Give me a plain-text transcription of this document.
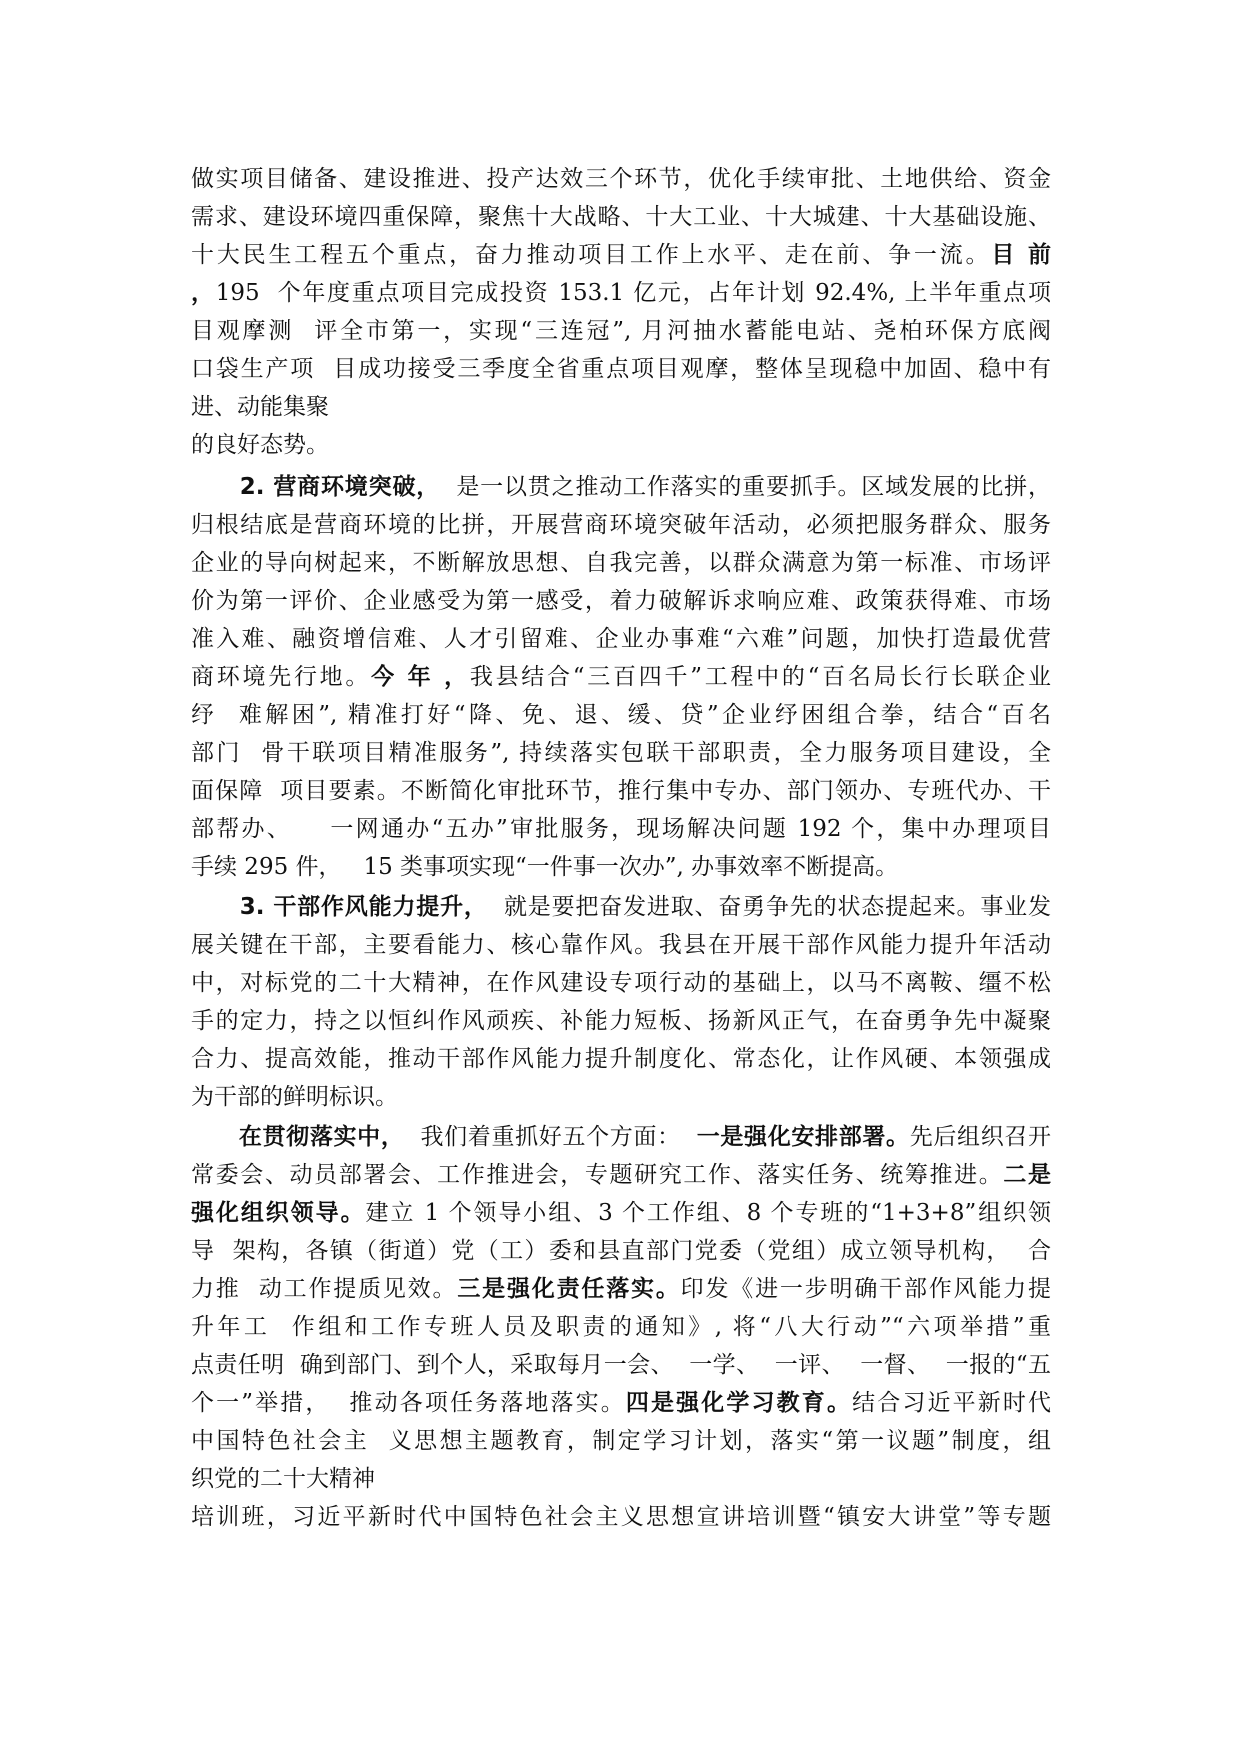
做实项目储备、建设推进、投产达效三个环节，优化手续审批、土地供给、资金
需求、建设环境四重保障，聚焦十大战略、十大工业、十大城建、十大基础设施、
十大民生工程五个重点，奋力推动项目工作上水平、走在前、争一流。目 前
，195  个年度重点项目完成投资 153.1 亿元，占年计划 92.4%, 上半年重点项
目观摩测  评全市第一，实现“三连冠”, 月河抽水蓄能电站、尧柏环保方底阀
口袋生产项  目成功接受三季度全省重点项目观摩，整体呈现稳中加固、稳中有
进、动能集聚
的良好态势。
2. 营商环境突破，  是一以贯之推动工作落实的重要抓手。区域发展的比拼，
归根结底是营商环境的比拼，开展营商环境突破年活动，必须把服务群众、服务
企业的导向树起来，不断解放思想、自我完善，以群众满意为第一标准、市场评
价为第一评价、企业感受为第一感受，着力破解诉求响应难、政策获得难、市场
准入难、融资增信难、人才引留难、企业办事难“六难”问题，加快打造最优营
商环境先行地。今 年 ，我县结合“三百四千”工程中的“百名局长行长联企业
纾  难解困”, 精准打好“降、免、退、缓、贷”企业纾困组合拳，结合“百名
部门  骨干联项目精准服务”, 持续落实包联干部职责，全力服务项目建设，全
面保障  项目要素。不断简化审批环节，推行集中专办、部门领办、专班代办、干
部帮办、    一网通办“五办”审批服务，现场解决问题 192 个，集中办理项目
手续 295 件，   15 类事项实现“一件事一次办”, 办事效率不断提高。
3. 干部作风能力提升，  就是要把奋发进取、奋勇争先的状态提起来。事业发
展关键在干部，主要看能力、核心靠作风。我县在开展干部作风能力提升年活动
中，对标党的二十大精神，在作风建设专项行动的基础上，以马不离鞍、缰不松
手的定力，持之以恒纠作风顽疾、补能力短板、扬新风正气，在奋勇争先中凝聚
合力、提高效能，推动干部作风能力提升制度化、常态化，让作风硬、本领强成
为干部的鲜明标识。
在贯彻落实中，  我们着重抓好五个方面：  一是强化安排部署。先后组织召开
常委会、动员部署会、工作推进会，专题研究工作、落实任务、统筹推进。二是
强化组织领导。建立 1 个领导小组、3 个工作组、8 个专班的“1+3+8”组织领
导  架构，各镇（街道）党（工）委和县直部门党委（党组）成立领导机构，  合
力推  动工作提质见效。三是强化责任落实。印发《进一步明确干部作风能力提
升年工  作组和工作专班人员及职责的通知》, 将“八大行动”“六项举措”重
点责任明  确到部门、到个人，采取每月一会、  一学、  一评、  一督、  一报的“五
个一”举措，  推动各项任务落地落实。四是强化学习教育。结合习近平新时代
中国特色社会主  义思想主题教育，制定学习计划，落实“第一议题”制度，组
织党的二十大精神
培训班，习近平新时代中国特色社会主义思想宣讲培训暨“镇安大讲堂”等专题
